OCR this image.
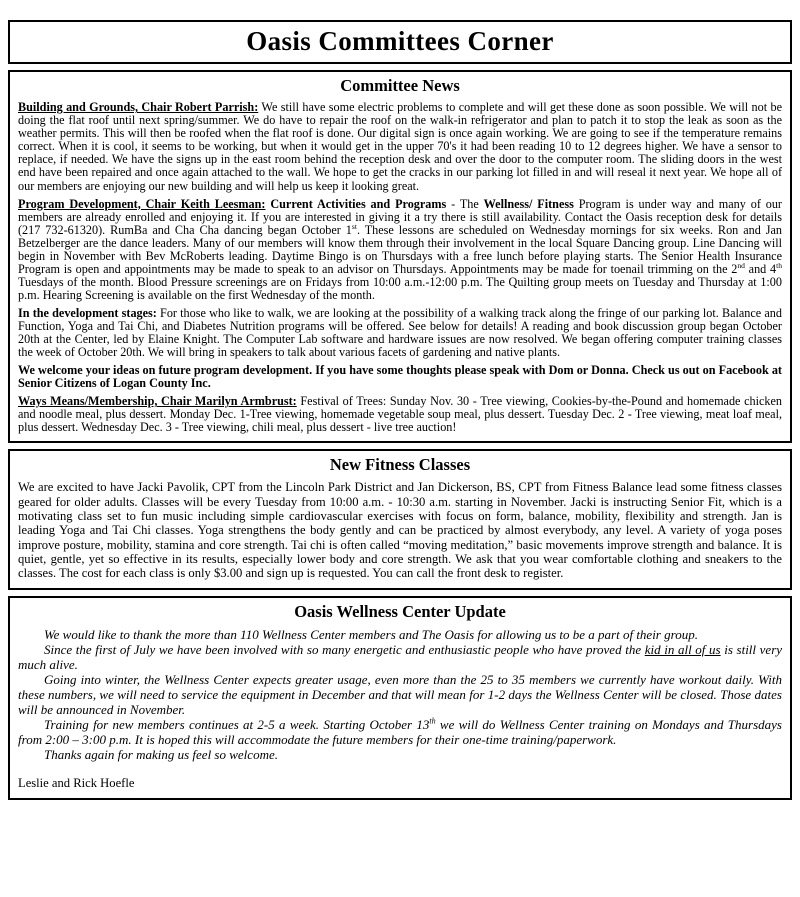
Oasis Committees Corner
Committee News

Building and Grounds, Chair Robert Parrish: We still have some electric problems to complete and will get these done as soon possible. We will not be doing the flat roof until next spring/summer. We do have to repair the roof on the walk-in refrigerator and plan to patch it to stop the leak as soon as the weather permits. This will then be roofed when the flat roof is done. Our digital sign is once again working. We are going to see if the temperature remains correct. When it is cool, it seems to be working, but when it would get in the upper 70's it had been reading 10 to 12 degrees higher. We have a sensor to replace, if needed. We have the signs up in the east room behind the reception desk and over the door to the computer room. The sliding doors in the west end have been repaired and once again attached to the wall. We hope to get the cracks in our parking lot filled in and will reseal it next year. We hope all of our members are enjoying our new building and will help us keep it looking great.

Program Development, Chair Keith Leesman: Current Activities and Programs - The Wellness/ Fitness Program is under way and many of our members are already enrolled and enjoying it. If you are interested in giving it a try there is still availability. Contact the Oasis reception desk for details (217 732-61320). RumBa and Cha Cha dancing began October 1st. These lessons are scheduled on Wednesday mornings for six weeks. Ron and Jan Betzelberger are the dance leaders. Many of our members will know them through their involvement in the local Square Dancing group. Line Dancing will begin in November with Bev McRoberts leading. Daytime Bingo is on Thursdays with a free lunch before playing starts. The Senior Health Insurance Program is open and appointments may be made to speak to an advisor on Thursdays. Appointments may be made for toenail trimming on the 2nd and 4th Tuesdays of the month. Blood Pressure screenings are on Fridays from 10:00 a.m.-12:00 p.m. The Quilting group meets on Tuesday and Thursday at 1:00 p.m. Hearing Screening is available on the first Wednesday of the month.

In the development stages: For those who like to walk, we are looking at the possibility of a walking track along the fringe of our parking lot. Balance and Function, Yoga and Tai Chi, and Diabetes Nutrition programs will be offered. See below for details! A reading and book discussion group began October 20th at the Center, led by Elaine Knight. The Computer Lab software and hardware issues are now resolved. We began offering computer training classes the week of October 20th. We will bring in speakers to talk about various facets of gardening and native plants.

We welcome your ideas on future program development. If you have some thoughts please speak with Dom or Donna. Check us out on Facebook at Senior Citizens of Logan County Inc.

Ways Means/Membership, Chair Marilyn Armbrust: Festival of Trees: Sunday Nov. 30 - Tree viewing, Cookies-by-the-Pound and homemade chicken and noodle meal, plus dessert. Monday Dec. 1-Tree viewing, homemade vegetable soup meal, plus dessert. Tuesday Dec. 2 - Tree viewing, meat loaf meal, plus dessert. Wednesday Dec. 3 - Tree viewing, chili meal, plus dessert - live tree auction!

New Fitness Classes

We are excited to have Jacki Pavolik, CPT from the Lincoln Park District and Jan Dickerson, BS, CPT from Fitness Balance lead some fitness classes geared for older adults. Classes will be every Tuesday from 10:00 a.m. - 10:30 a.m. starting in November. Jacki is instructing Senior Fit, which is a motivating class set to fun music including simple cardiovascular exercises with focus on form, balance, mobility, flexibility and strength. Jan is leading Yoga and Tai Chi classes. Yoga strengthens the body gently and can be practiced by almost everybody, any level. A variety of yoga poses improve posture, mobility, stamina and core strength. Tai chi is often called “moving meditation,” basic movements improve strength and balance. It is quiet, gentle, yet so effective in its results, especially lower body and core strength. We ask that you wear comfortable clothing and sneakers to the classes. The cost for each class is only $3.00 and sign up is requested. You can call the front desk to register.

Oasis Wellness Center Update

We would like to thank the more than 110 Wellness Center members and The Oasis for allowing us to be a part of their group.

Since the first of July we have been involved with so many energetic and enthusiastic people who have proved the kid in all of us is still very much alive.

Going into winter, the Wellness Center expects greater usage, even more than the 25 to 35 members we currently have workout daily. With these numbers, we will need to service the equipment in December and that will mean for 1-2 days the Wellness Center will be closed. Those dates will be announced in November.

Training for new members continues at 2-5 a week. Starting October 13th we will do Wellness Center training on Mondays and Thursdays from 2:00 – 3:00 p.m. It is hoped this will accommodate the future members for their one-time training/paperwork.

Thanks again for making us feel so welcome.

Leslie and Rick Hoefle
